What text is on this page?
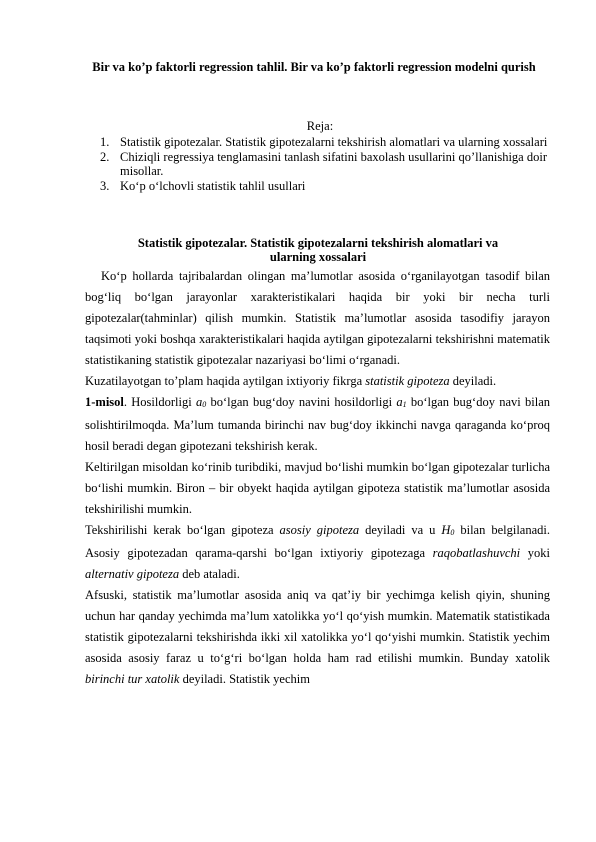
Bir va ko’p faktorli regression tahlil. Bir va ko’p faktorli regression modelni qurish
Reja:
1. Statistik gipotezalar. Statistik gipotezalarni tekshirish alomatlari va ularning xossalari
2. Chiziqli regressiya tenglamasini tanlash sifatini baxolash usullarini qo’llanishiga doir misollar.
3. Ko‘p o‘lchovli statistik tahlil usullari
Statistik gipotezalar. Statistik gipotezalarni tekshirish alomatlari va ularning xossalari

Ko‘p hollarda tajribalardan olingan ma’lumotlar asosida o‘rganilayotgan tasodif bilan bog‘liq bo‘lgan jarayonlar xarakteristikalari haqida bir yoki bir necha turli gipotezalar(tahminlar) qilish mumkin. Statistik ma’lumotlar asosida tasodifiy jarayon taqsimoti yoki boshqa xarakteristikalari haqida aytilgan gipotezalarni tekshirishni matematik statistikaning statistik gipotezalar nazariyasi bo‘limi o‘rganadi.

Kuzatilayotgan to’plam haqida aytilgan ixtiyoriy fikrga statistik gipoteza deyiladi.

1-misol. Hosildorligi a0 bo‘lgan bug‘doy navini hosildorligi a1 bo‘lgan bug‘doy navi bilan solishtirilmoqda. Ma’lum tumanda birinchi nav bug‘doy ikkinchi navga qaraganda ko‘proq hosil beradi degan gipotezani tekshirish kerak.

Keltirilgan misoldan ko‘rinib turibdiki, mavjud bo‘lishi mumkin bo‘lgan gipotezalar turlicha bo‘lishi mumkin. Biron – bir obyekt haqida aytilgan gipoteza statistik ma’lumotlar asosida tekshirilishi mumkin.

Tekshirilishi kerak bo‘lgan gipoteza asosiy gipoteza deyiladi va u H0 bilan belgilanadi. Asosiy gipotezadan qarama-qarshi bo‘lgan ixtiyoriy gipotezaga raqobatlashuvchi yoki alternativ gipoteza deb ataladi.

Afsuski, statistik ma’lumotlar asosida aniq va qat’iy bir yechimga kelish qiyin, shuning uchun har qanday yechimda ma’lum xatolikka yo‘l qo‘yish mumkin. Matematik statistikada statistik gipotezalarni tekshirishda ikki xil xatolikka yo‘l qo‘yishi mumkin. Statistik yechim asosida asosiy faraz u to‘g‘ri bo‘lgan holda ham rad etilishi mumkin. Bunday xatolik birinchi tur xatolik deyiladi. Statistik yechim
